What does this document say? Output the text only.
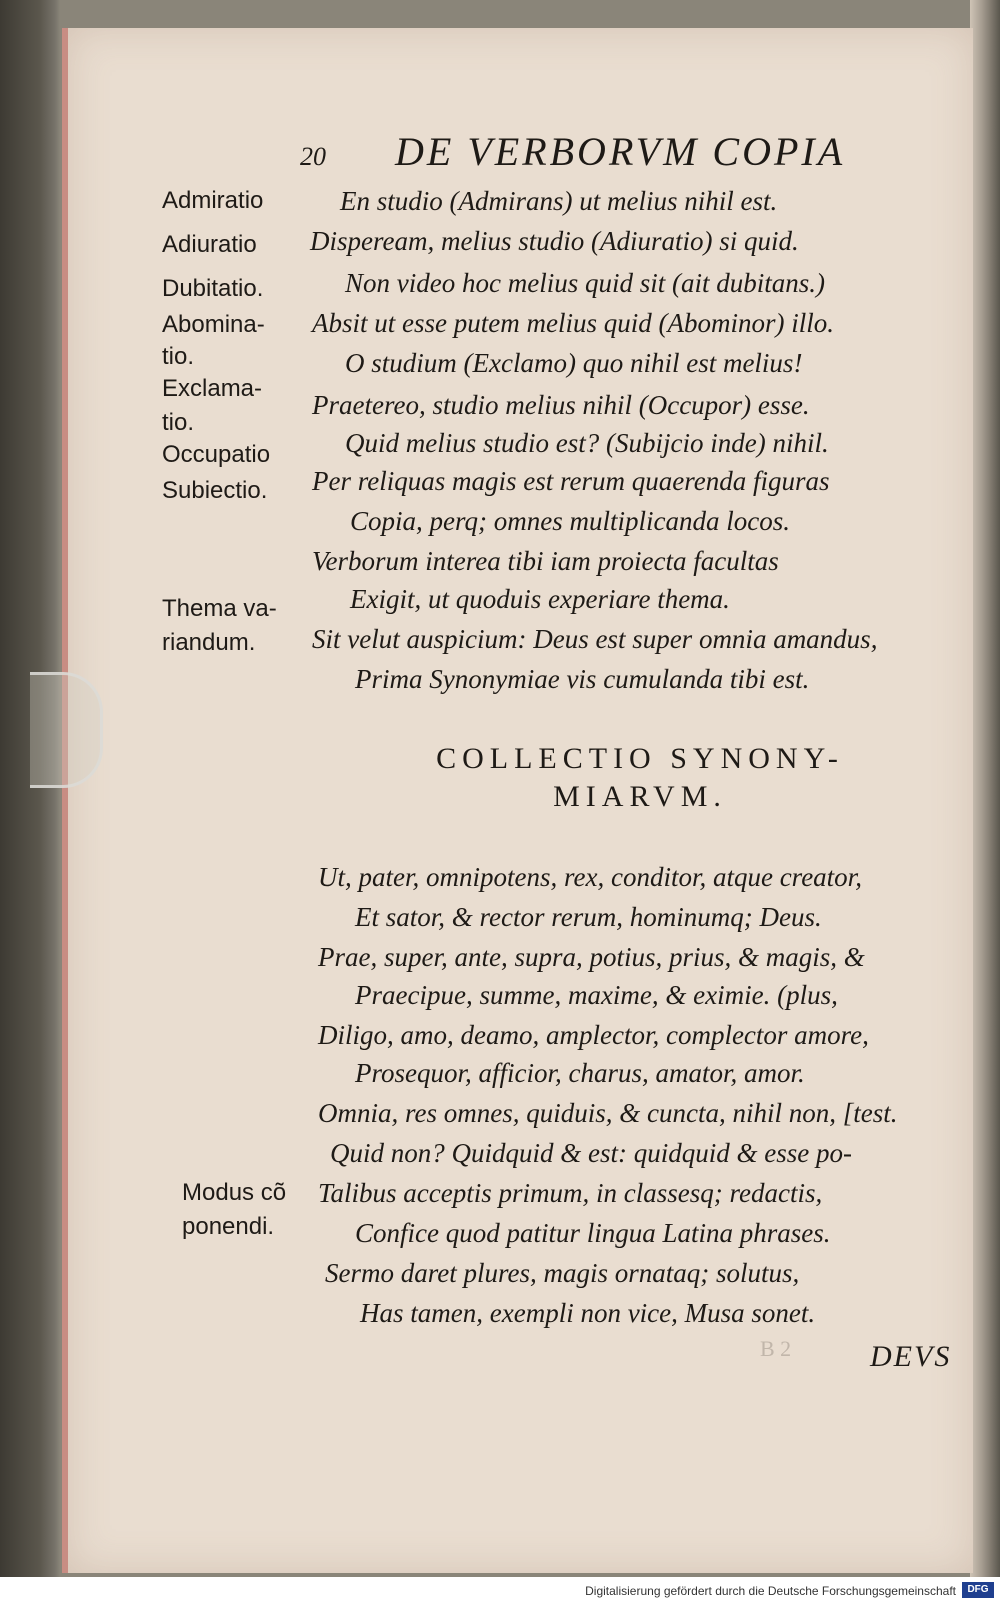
20 DE VERBORVM COPIA
Admiratio
Adiuratio
Dubitatio.
Abomina-
tio.
Exclama-
tio.
Occupatio
Subiectio.
Thema va-
riandum.
Modus cõ
ponendi.
En studio (Admirans) ut melius nihil est.
Dispeream, melius studio (Adiuratio) si quid.
Non video hoc melius quid sit (ait dubitans.)
Absit ut esse putem melius quid (Abominor) illo.
O studium (Exclamo) quo nihil est melius!
Praetereo, studio melius nihil (Occupor) esse.
Quid melius studio est? (Subijcio inde) nihil.
Per reliquas magis est rerum quaerenda figuras
Copia, perq; omnes multiplicanda locos.
Verborum interea tibi iam proiecta facultas
Exigit, ut quoduis experiare thema.
Sit velut auspicium: Deus est super omnia amandus,
Prima Synonymiae vis cumulanda tibi est.
COLLECTIO SYNONY-
MIARVM.
Ut, pater, omnipotens, rex, conditor, atque creator,
Et sator, & rector rerum, hominumq; Deus.
Prae, super, ante, supra, potius, prius, & magis, &
Praecipue, summe, maxime, & eximie. (plus,
Diligo, amo, deamo, amplector, complector amore,
Prosequor, afficior, charus, amator, amor.
Omnia, res omnes, quiduis, & cuncta, nihil non, [test.
Quid non? Quidquid & est: quidquid & esse po-
Talibus acceptis primum, in classesq; redactis,
Confice quod patitur lingua Latina phrases.
Sermo daret plures, magis ornataq; solutus,
Has tamen, exempli non vice, Musa sonet.
B 2	DEVS
Digitalisierung gefördert durch die Deutsche Forschungsgemeinschaft	DFG
